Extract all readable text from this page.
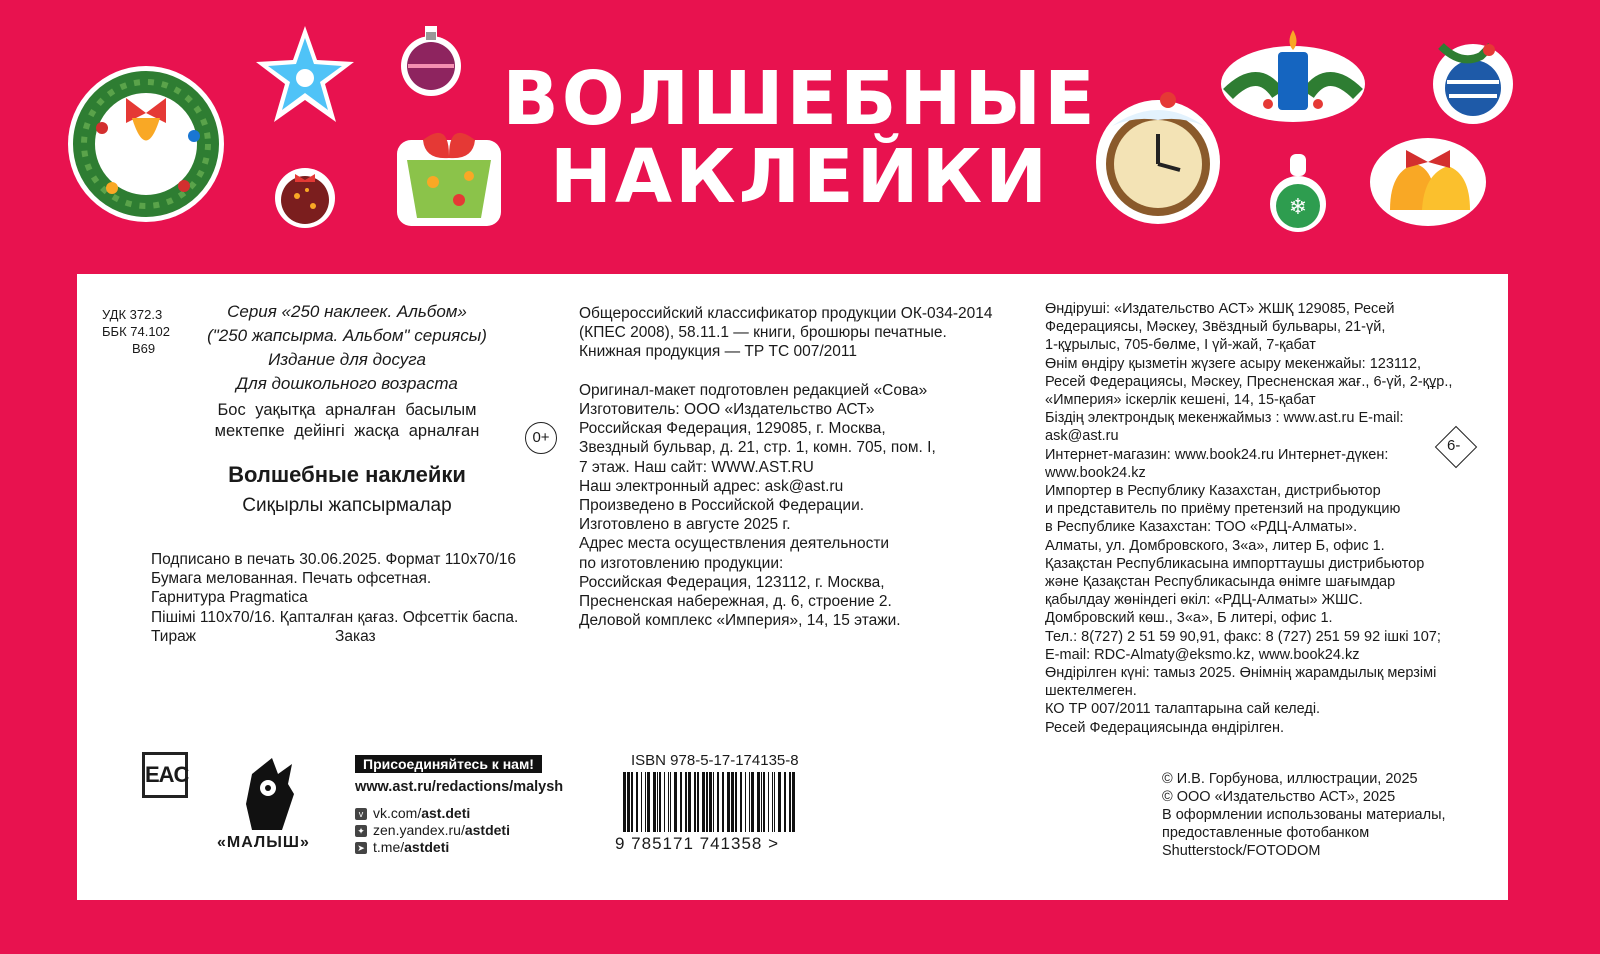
ВОЛШЕБНЫЕ
НАКЛЕЙКИ	❄
УДК 372.3
ББК 74.102
В69
Серия «250 наклеек. Альбом»
("250 жапсырма. Альбом" сериясы)
Издание для досуга
Для дошкольного возраста
Бос уақытқа арналған басылым
мектепке дейінгі жасқа арналған	0+
Волшебные наклейки
Сиқырлы жапсырмалар
Подписано в печать 30.06.2025. Формат 110х70/16
Бумага мелованная. Печать офсетная.
Гарнитура Pragmatica
Пішімі 110х70/16. Қапталған қағаз. Офсеттік баспа.
Тираж	Заказ
Общероссийский классификатор продукции ОК-034-2014
(КПЕС 2008), 58.11.1 — книги, брошюры печатные.
Книжная продукция — ТР ТС 007/2011

Оригинал-макет подготовлен редакцией «Сова»
Изготовитель: ООО «Издательство АСТ»
Российская Федерация, 129085, г. Москва,
Звездный бульвар, д. 21, стр. 1, комн. 705, пом. I,
7 этаж. Наш сайт: WWW.AST.RU
Наш электронный адрес: ask@ast.ru
Произведено в Российской Федерации.
Изготовлено в августе 2025 г.
Адрес места осуществления деятельности
по изготовлению продукции:
Российская Федерация, 123112, г. Москва,
Пресненская набережная, д. 6, строение 2.
Деловой комплекс «Империя», 14, 15 этажи.
Өндіруші: «Издательство АСТ» ЖШҚ 129085, Ресей
Федерациясы, Мәскеу, Звёздный бульвары, 21-үй,
1-құрылыс, 705-бөлме, I үй-жай, 7-қабат
Өнім өндіру қызметін жүзеге асыру мекенжайы: 123112,
Ресей Федерациясы, Мәскеу, Пресненская жағ., 6-үй, 2-құр.,
«Империя» іскерлік кешені, 14, 15-қабат
Біздің электрондық мекенжаймыз : www.ast.ru E-mail:
ask@ast.ru
Интернет-магазин: www.book24.ru Интернет-дүкен:
www.book24.kz
Импортер в Республику Казахстан, дистрибьютор
и представитель по приёму претензий на продукцию
в Республике Казахстан: ТОО «РДЦ-Алматы».
Алматы, ул. Домбровского, 3«а», литер Б, офис 1.
Қазақстан Республикасына импорттаушы дистрибьютор
және Қазақстан Республикасында өнімге шағымдар
қабылдау жөніндегі өкіл: «РДЦ-Алматы» ЖШС.
Домбровский көш., 3«а», Б литері, офис 1.
Тел.: 8(727) 2 51 59 90,91, факс: 8 (727) 251 59 92 ішкі 107;
E-mail: RDC-Almaty@eksmo.kz, www.book24.kz
Өндірілген күні: тамыз 2025. Өнімнің жарамдылық мерзімі
шектелмеген.
КО ТР 007/2011 талаптарына сай келеді.
Ресей Федерациясында өндірілген.
6-
EAC
«МАЛЫШ»
Присоединяйтесь к нам!
www.ast.ru/redactions/malysh
v vk.com/ast.deti
✦ zen.yandex.ru/astdeti
➤ t.me/astdeti
ISBN 978-5-17-174135-8
9 785171 741358 >
© И.В. Горбунова, иллюстрации, 2025
© ООО «Издательство АСТ», 2025
В оформлении использованы материалы,
предоставленные фотобанком
Shutterstock/FOTODOM
